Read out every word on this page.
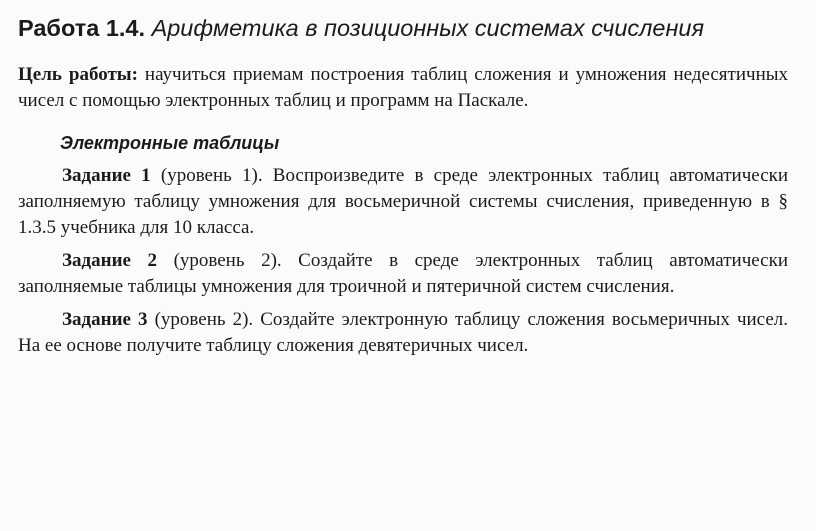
Работа 1.4. Арифметика в позиционных системах счисления

Цель работы: научиться приемам построения таблиц сложения и умножения недесятичных чисел с помощью электронных таблиц и программ на Паскале.

Электронные таблицы

Задание 1 (уровень 1). Воспроизведите в среде электронных таблиц автоматически заполняемую таблицу умножения для восьмеричной системы счисления, приведенную в § 1.3.5 учебника для 10 класса.

Задание 2 (уровень 2). Создайте в среде электронных таблиц автоматически заполняемые таблицы умножения для троичной и пятеричной систем счисления.

Задание 3 (уровень 2). Создайте электронную таблицу сложения восьмеричных чисел. На ее основе получите таблицу сложения девятеричных чисел.
